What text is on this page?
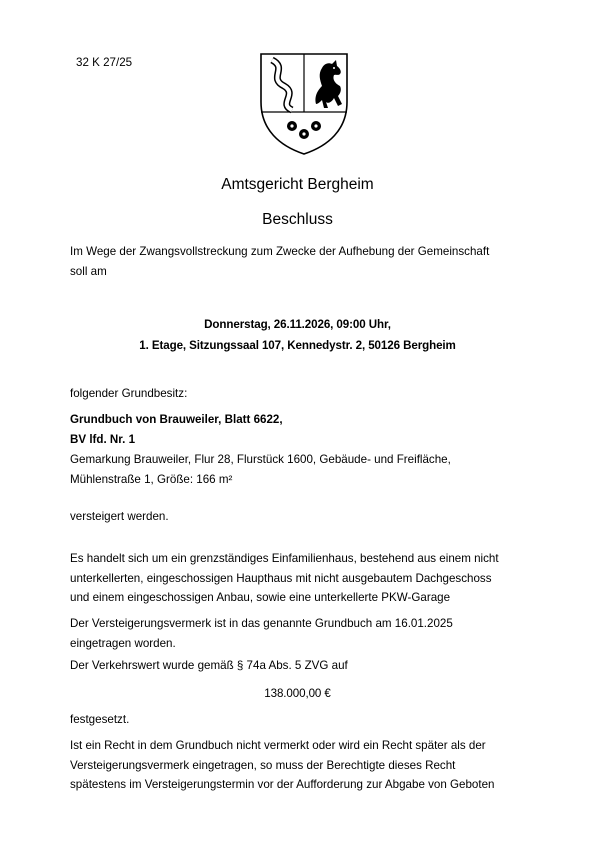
32 K 27/25
Amtsgericht Bergheim
Beschluss
Im Wege der Zwangsvollstreckung zum Zwecke der Aufhebung der Gemeinschaft
soll am
Donnerstag, 26.11.2026, 09:00 Uhr,
1. Etage, Sitzungssaal 107, Kennedystr. 2, 50126 Bergheim
folgender Grundbesitz:
Grundbuch von Brauweiler, Blatt 6622,
BV lfd. Nr. 1
Gemarkung Brauweiler, Flur 28, Flurstück 1600, Gebäude- und Freifläche,
Mühlenstraße 1, Größe: 166 m²
versteigert werden.
Es handelt sich um ein grenzständiges Einfamilienhaus, bestehend aus einem nicht
unterkellerten, eingeschossigen Haupthaus mit nicht ausgebautem Dachgeschoss
und einem eingeschossigen Anbau, sowie eine unterkellerte PKW-Garage
Der Versteigerungsvermerk ist in das genannte Grundbuch am 16.01.2025
eingetragen worden.
Der Verkehrswert wurde gemäß § 74a Abs. 5 ZVG auf
138.000,00 €
festgesetzt.
Ist ein Recht in dem Grundbuch nicht vermerkt oder wird ein Recht später als der
Versteigerungsvermerk eingetragen, so muss der Berechtigte dieses Recht
spätestens im Versteigerungstermin vor der Aufforderung zur Abgabe von Geboten
